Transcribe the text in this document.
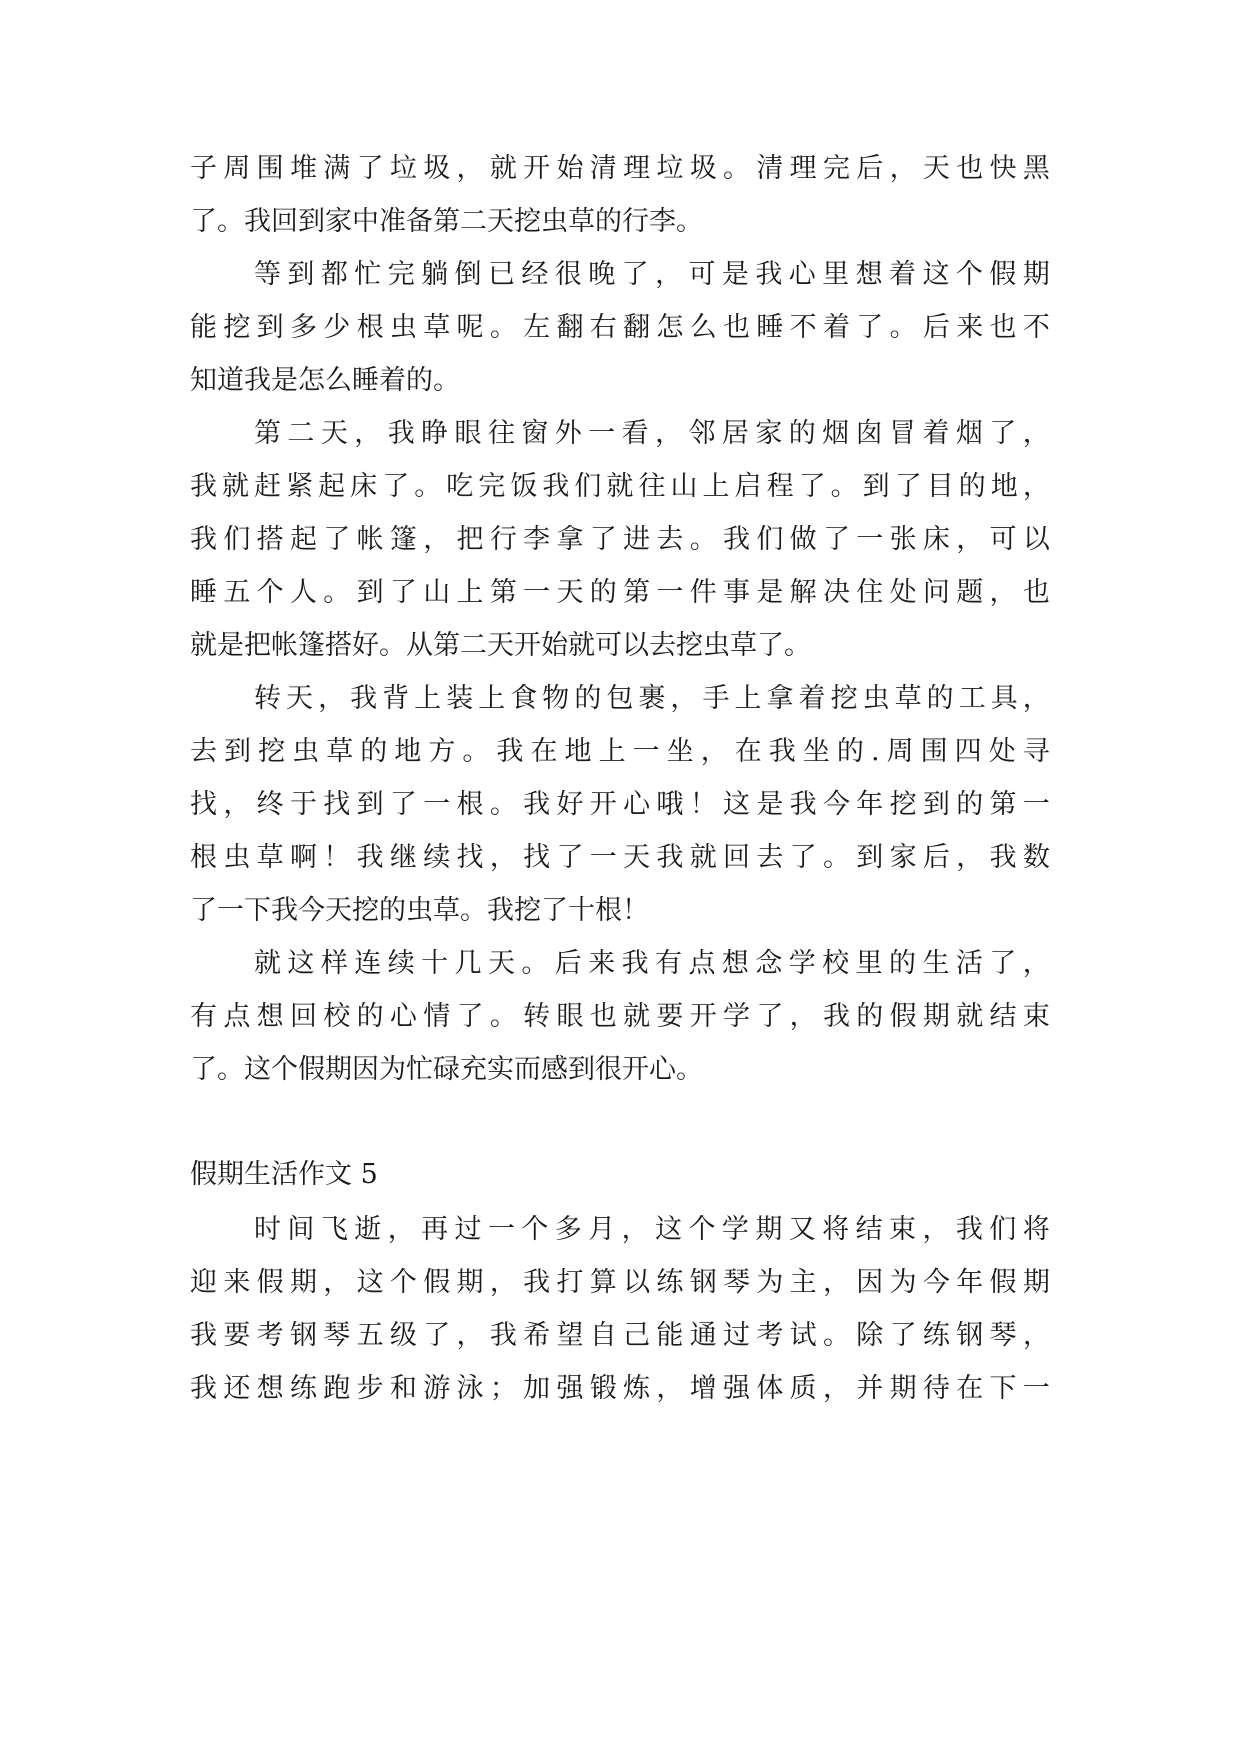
子 周 围 堆 满 了 垃 圾 ， 就 开 始 清 理 垃 圾 。 清 理 完 后 ， 天 也 快 黑
了。我回到家中准备第二天挖虫草的行李。
等 到 都 忙 完 躺 倒 已 经 很 晚 了 ， 可 是 我 心 里 想 着 这 个 假 期
能 挖 到 多 少 根 虫 草 呢 。 左 翻 右 翻 怎 么 也 睡 不 着 了 。 后 来 也 不
知道我是怎么睡着的。
第 二 天 ， 我 睁 眼 往 窗 外 一 看 ， 邻 居 家 的 烟 囱 冒 着 烟 了 ，
我 就 赶 紧 起 床 了 。 吃 完 饭 我 们 就 往 山 上 启 程 了 。 到 了 目 的 地 ，
我 们 搭 起 了 帐 篷 ， 把 行 李 拿 了 进 去 。 我 们 做 了 一 张 床 ， 可 以
睡 五 个 人 。 到 了 山 上 第 一 天 的 第 一 件 事 是 解 决 住 处 问 题 ， 也
就是把帐篷搭好。从第二天开始就可以去挖虫草了。
转 天 ， 我 背 上 装 上 食 物 的 包 裹 ， 手 上 拿 着 挖 虫 草 的 工 具 ，
去 到 挖 虫 草 的 地 方 。 我 在 地 上 一 坐 ， 在 我 坐 的 . 周 围 四 处 寻
找 ， 终 于 找 到 了 一 根 。 我 好 开 心 哦 ！ 这 是 我 今 年 挖 到 的 第 一
根 虫 草 啊 ！ 我 继 续 找 ， 找 了 一 天 我 就 回 去 了 。 到 家 后 ， 我 数
了一下我今天挖的虫草。我挖了十根！
就 这 样 连 续 十 几 天 。 后 来 我 有 点 想 念 学 校 里 的 生 活 了 ，
有 点 想 回 校 的 心 情 了 。 转 眼 也 就 要 开 学 了 ， 我 的 假 期 就 结 束
了。这个假期因为忙碌充实而感到很开心。
假期生活作文 5
时 间 飞 逝 ， 再 过 一 个 多 月 ， 这 个 学 期 又 将 结 束 ， 我 们 将
迎 来 假 期 ， 这 个 假 期 ， 我 打 算 以 练 钢 琴 为 主 ， 因 为 今 年 假 期
我 要 考 钢 琴 五 级 了 ， 我 希 望 自 己 能 通 过 考 试 。 除 了 练 钢 琴 ，
我 还 想 练 跑 步 和 游 泳 ； 加 强 锻 炼 ， 增 强 体 质 ， 并 期 待 在 下 一
